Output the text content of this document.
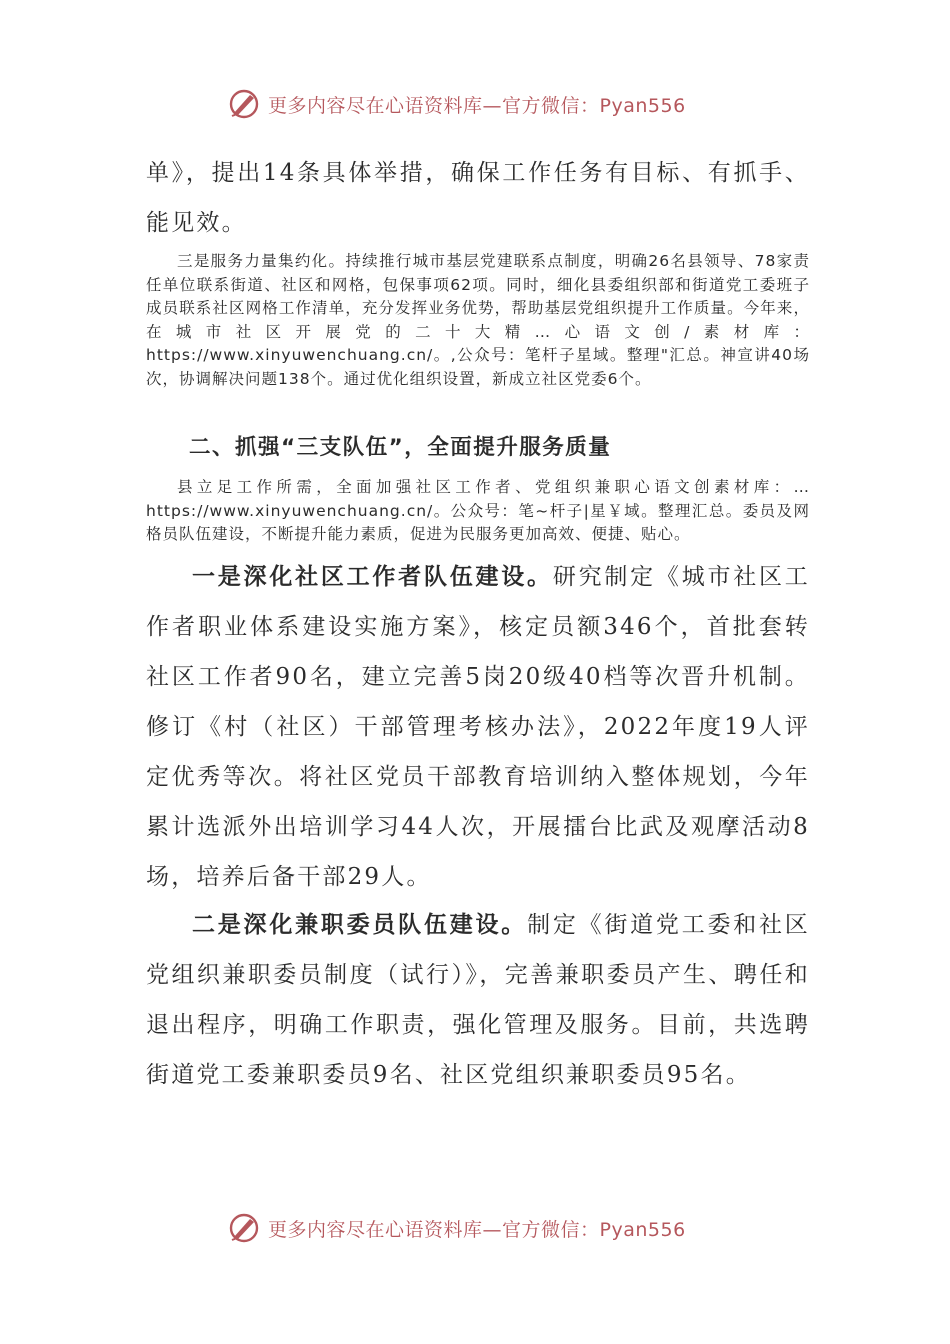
更多内容尽在心语资料库—官方微信：Pyan556

单》，提出14条具体举措，确保工作任务有目标、有抓手、能见效。

三是服务力量集约化。持续推行城市基层党建联系点制度，明确26名县领导、78家责任单位联系街道、社区和网格，包保事项62项。同时，细化县委组织部和街道党工委班子成员联系社区网格工作清单，充分发挥业务优势，帮助基层党组织提升工作质量。今年来，在城市社区开展党的二十大精…心语文创/素材库：https://www.xinyuwenchuang.cn/。,公众号：笔杆子星域。整理"汇总。神宣讲40场次，协调解决问题138个。通过优化组织设置，新成立社区党委6个。

二、抓强“三支队伍”，全面提升服务质量

县立足工作所需，全面加强社区工作者、党组织兼职心语文创素材库：…https://www.xinyuwenchuang.cn/。公众号：笔~杆子|星￥域。整理汇总。委员及网格员队伍建设，不断提升能力素质，促进为民服务更加高效、便捷、贴心。

一是深化社区工作者队伍建设。研究制定《城市社区工作者职业体系建设实施方案》，核定员额346个，首批套转社区工作者90名，建立完善5岗20级40档等次晋升机制。修订《村（社区）干部管理考核办法》，2022年度19人评定优秀等次。将社区党员干部教育培训纳入整体规划，今年累计选派外出培训学习44人次，开展擂台比武及观摩活动8场，培养后备干部29人。

二是深化兼职委员队伍建设。制定《街道党工委和社区党组织兼职委员制度（试行）》，完善兼职委员产生、聘任和退出程序，明确工作职责，强化管理及服务。目前，共选聘街道党工委兼职委员9名、社区党组织兼职委员95名。

更多内容尽在心语资料库—官方微信：Pyan556
